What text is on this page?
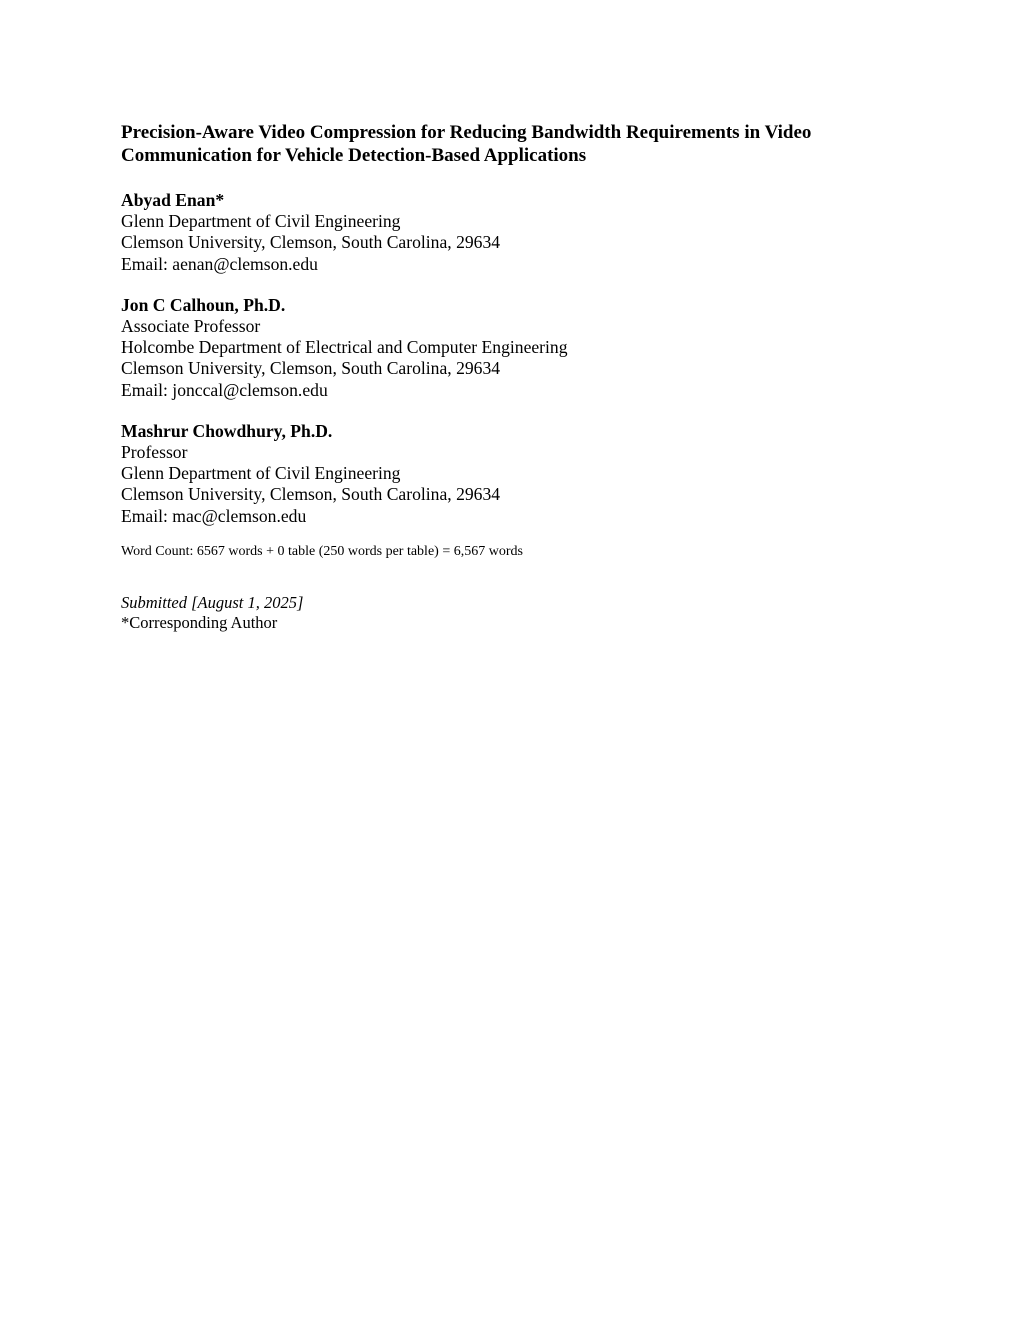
Precision-Aware Video Compression for Reducing Bandwidth Requirements in Video
Communication for Vehicle Detection-Based Applications
Abyad Enan*
Glenn Department of Civil Engineering
Clemson University, Clemson, South Carolina, 29634
Email: aenan@clemson.edu
Jon C Calhoun, Ph.D.
Associate Professor
Holcombe Department of Electrical and Computer Engineering
Clemson University, Clemson, South Carolina, 29634
Email: jonccal@clemson.edu
Mashrur Chowdhury, Ph.D.
Professor
Glenn Department of Civil Engineering
Clemson University, Clemson, South Carolina, 29634
Email: mac@clemson.edu
Word Count: 6567 words + 0 table (250 words per table) = 6,567 words
Submitted [August 1, 2025]
*Corresponding Author
